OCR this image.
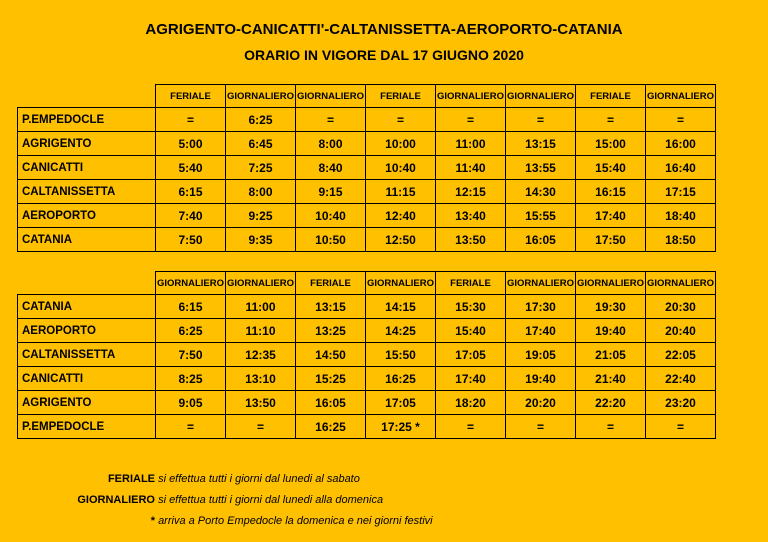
AGRIGENTO-CANICATTI'-CALTANISSETTA-AEROPORTO-CATANIA
ORARIO IN VIGORE DAL 17 GIUGNO 2020
	FERIALE	GIORNALIERO	GIORNALIERO	FERIALE	GIORNALIERO	GIORNALIERO	FERIALE	GIORNALIERO
P.EMPEDOCLE	=	6:25	=	=	=	=	=	=
AGRIGENTO	5:00	6:45	8:00	10:00	11:00	13:15	15:00	16:00
CANICATTI	5:40	7:25	8:40	10:40	11:40	13:55	15:40	16:40
CALTANISSETTA	6:15	8:00	9:15	11:15	12:15	14:30	16:15	17:15
AEROPORTO	7:40	9:25	10:40	12:40	13:40	15:55	17:40	18:40
CATANIA	7:50	9:35	10:50	12:50	13:50	16:05	17:50	18:50
	GIORNALIERO	GIORNALIERO	FERIALE	GIORNALIERO	FERIALE	GIORNALIERO	GIORNALIERO	GIORNALIERO
CATANIA	6:15	11:00	13:15	14:15	15:30	17:30	19:30	20:30
AEROPORTO	6:25	11:10	13:25	14:25	15:40	17:40	19:40	20:40
CALTANISSETTA	7:50	12:35	14:50	15:50	17:05	19:05	21:05	22:05
CANICATTI	8:25	13:10	15:25	16:25	17:40	19:40	21:40	22:40
AGRIGENTO	9:05	13:50	16:05	17:05	18:20	20:20	22:20	23:20
P.EMPEDOCLE	=	=	16:25	17:25 *	=	=	=	=
FERIALE si effettua tutti i giorni dal lunedi al sabato
GIORNALIERO si effettua tutti i giorni dal lunedi alla domenica
* arriva a Porto Empedocle la domenica e nei giorni festivi
